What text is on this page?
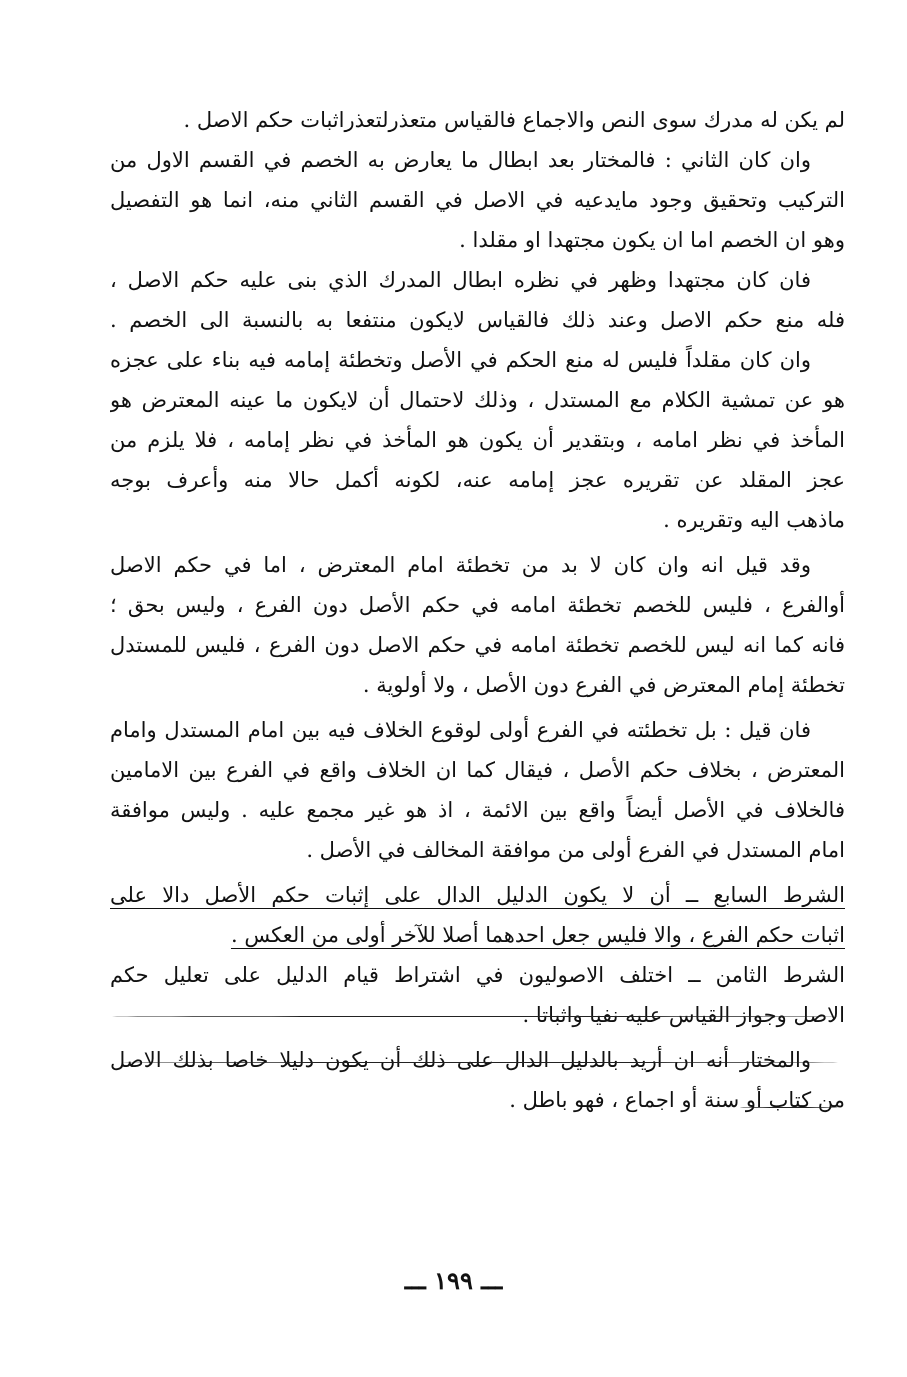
لم يكن له مدرك سوى النص والاجماع فالقياس متعذرلتعذراثبات حكم الاصل .
وان كان الثاني : فالمختار بعد ابطال ما يعارض به الخصم في القسم الاول من
التركيب وتحقيق وجود مايدعيه في الاصل في القسم الثاني منه، انما هو التفصيل
وهو ان الخصم اما ان يكون مجتهدا او مقلدا .
فان كان مجتهدا وظهر في نظره ابطال المدرك الذي بنى عليه حكم الاصل ،
فله منع حكم الاصل وعند ذلك فالقياس لايكون منتفعا به بالنسبة الى الخصم .
وان كان مقلداً فليس له منع الحكم في الأصل وتخطئة إمامه فيه بناء على عجزه
هو عن تمشية الكلام مع المستدل ، وذلك لاحتمال أن لايكون ما عينه المعترض هو
المأخذ في نظر امامه ، وبتقدير أن يكون هو المأخذ في نظر إمامه ، فلا يلزم من
عجز المقلد عن تقريره عجز إمامه عنه، لكونه أكمل حالا منه وأعرف بوجه
ماذهب اليه وتقريره .
وقد قيل انه وان كان لا بد من تخطئة امام المعترض ، اما في حكم الاصل
أوالفرع ، فليس للخصم تخطئة امامه في حكم الأصل دون الفرع ، وليس بحق ؛
فانه كما انه ليس للخصم تخطئة امامه في حكم الاصل دون الفرع ، فليس للمستدل
تخطئة إمام المعترض في الفرع دون الأصل ، ولا أولوية .
فان قيل : بل تخطئته في الفرع أولى لوقوع الخلاف فيه بين امام المستدل وامام
المعترض ، بخلاف حكم الأصل ، فيقال كما ان الخلاف واقع في الفرع بين الامامين
فالخلاف في الأصل أيضاً واقع بين الائمة ، اذ هو غير مجمع عليه . وليس موافقة
امام المستدل في الفرع أولى من موافقة المخالف في الأصل .
الشرط السابع ــ أن لا يكون الدليل الدال على إثبات حكم الأصل دالا على
اثبات حكم الفرع ، والا فليس جعل احدهما أصلا للآخر أولى من العكس .
الشرط الثامن ــ اختلف الاصوليون في اشتراط قيام الدليل على تعليل حكم
الاصل وجواز القياس عليه نفيا واثباتا .
والمختار أنه ان أريد بالدليل الدال على ذلك أن يكون دليلا خاصا بذلك الاصل
من كتاب أو سنة أو اجماع ، فهو باطل .
ـــ ١٩٩ ـــ
